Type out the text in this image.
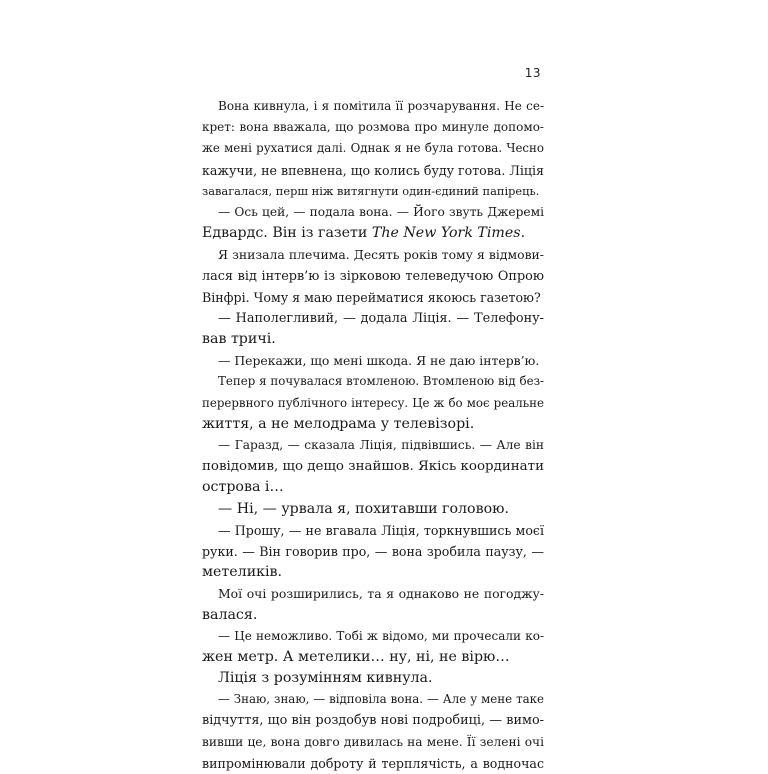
13
Вона кивнула, і я помітила її розчарування. Не се-
крет: вона вважала, що розмова про минуле допомо-
же мені рухатися далі. Однак я не була готова. Чесно
кажучи, не впевнена, що колись буду готова. Ліція
завагалася, перш ніж витягнути один-єдиний папірець.
— Ось цей, — подала вона. — Його звуть Джеремі
Едвардс. Він із газети The New York Times.
Я знизала плечима. Десять років тому я відмови-
лася від інтерв’ю із зірковою телеведучою Опрою
Вінфрі. Чому я маю перейматися якоюсь газетою?
— Наполегливий, — додала Ліція. — Телефону-
вав тричі.
— Перекажи, що мені шкода. Я не даю інтерв’ю.
Тепер я почувалася втомленою. Втомленою від без-
перервного публічного інтересу. Це ж бо моє реальне
життя, а не мелодрама у телевізорі.
— Гаразд, — сказала Ліція, підвівшись. — Але він
повідомив, що дещо знайшов. Якісь координати
острова і…
— Ні, — урвала я, похитавши головою.
— Прошу, — не вгавала Ліція, торкнувшись моєї
руки. — Він говорив про, — вона зробила паузу, —
метеликів.
Мої очі розширились, та я однаково не погоджу-
валася.
— Це неможливо. Тобі ж відомо, ми прочесали ко-
жен метр. А метелики… ну, ні, не вірю…
Ліція з розумінням кивнула.
— Знаю, знаю, — відповіла вона. — Але у мене таке
відчуття, що він роздобув нові подробиці, — вимо-
вивши це, вона довго дивилась на мене. Її зелені очі
випромінювали доброту й терплячість, а водночас
